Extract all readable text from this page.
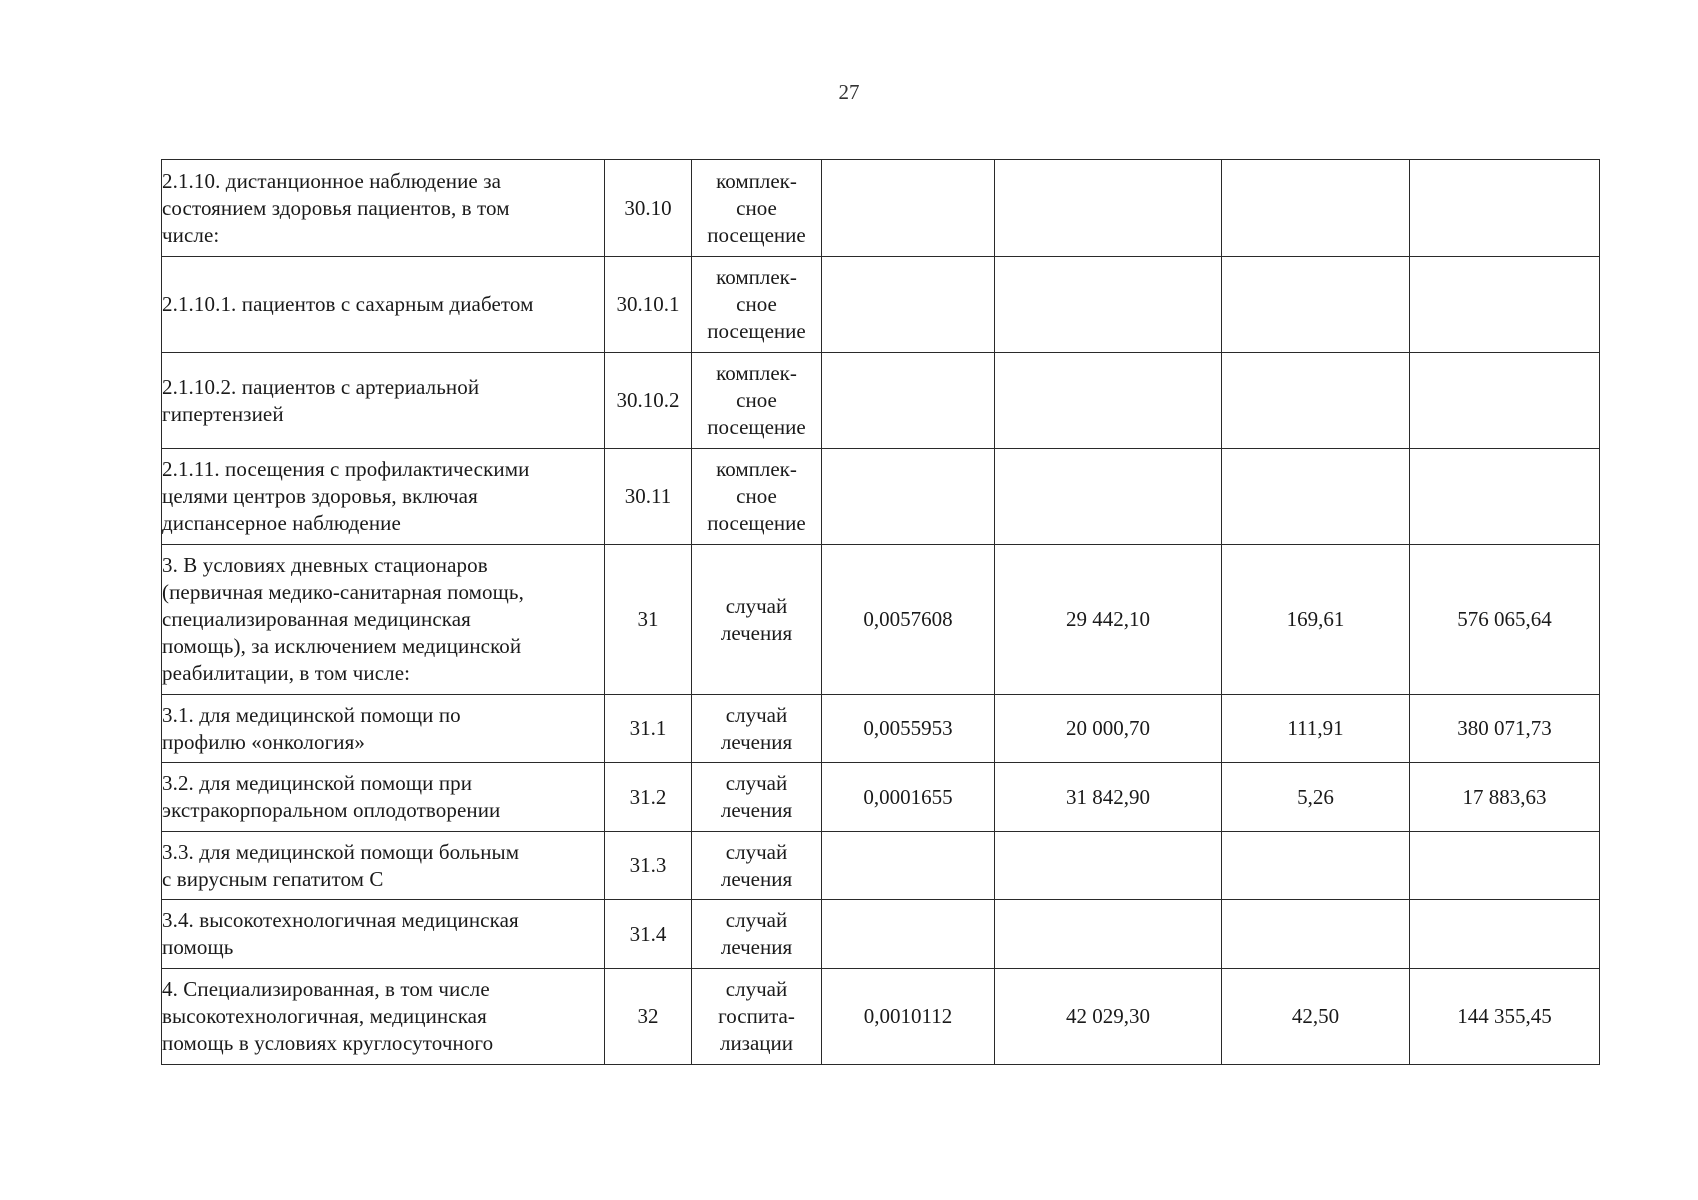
27
2.1.10. дистанционное наблюдение за
состоянием здоровья пациентов, в том
числе:	30.10	комплек-
сное
посещение				
2.1.10.1. пациентов с сахарным диабетом	30.10.1	комплек-
сное
посещение				
2.1.10.2. пациентов с артериальной
гипертензией	30.10.2	комплек-
сное
посещение				
2.1.11. посещения с профилактическими
целями центров здоровья, включая
диспансерное наблюдение	30.11	комплек-
сное
посещение				
3. В условиях дневных стационаров
(первичная медико-санитарная помощь,
специализированная медицинская
помощь), за исключением медицинской
реабилитации, в том числе:	31	случай
лечения	0,0057608	29 442,10	169,61	576 065,64
3.1. для медицинской помощи по
профилю «онкология»	31.1	случай
лечения	0,0055953	20 000,70	111,91	380 071,73
3.2. для медицинской помощи при
экстракорпоральном оплодотворении	31.2	случай
лечения	0,0001655	31 842,90	5,26	17 883,63
3.3. для медицинской помощи больным
с вирусным гепатитом С	31.3	случай
лечения				
3.4. высокотехнологичная медицинская
помощь	31.4	случай
лечения				
4. Специализированная, в том числе
высокотехнологичная, медицинская
помощь в условиях круглосуточного	32	случай
госпита-
лизации	0,0010112	42 029,30	42,50	144 355,45
